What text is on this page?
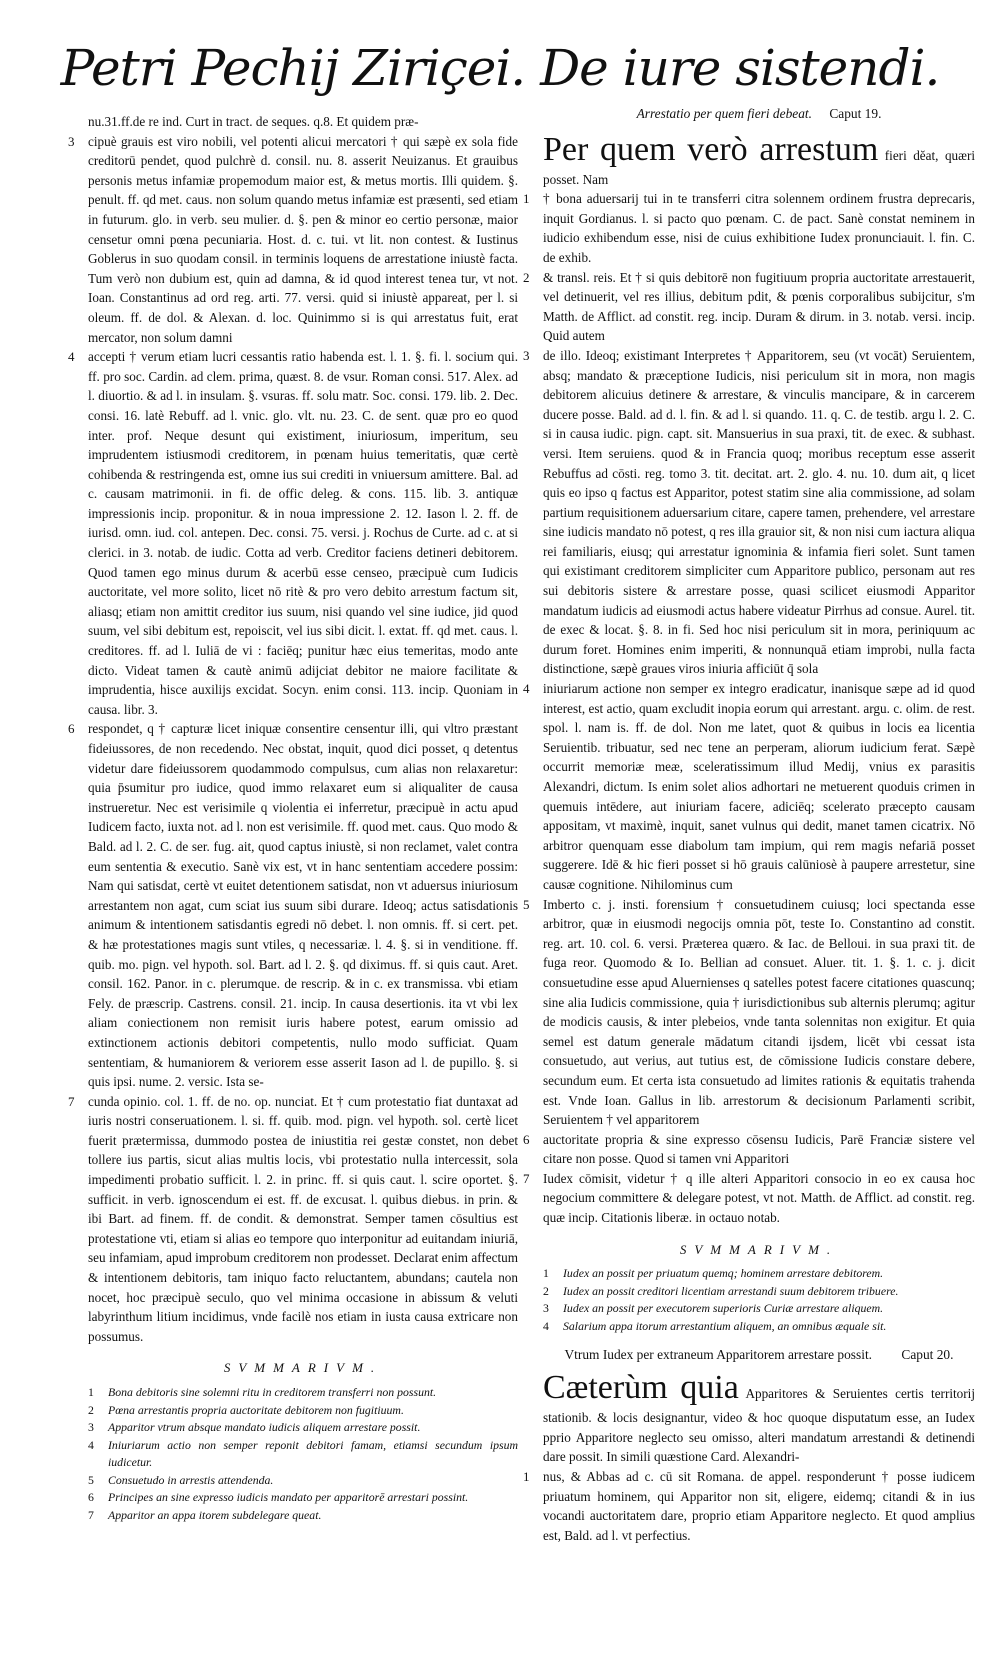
Petri Pechij Ziriçei. De iure sistendi.

nu.31.ff.de re ind. Curt in tract. de seques. q.8. Et quidem præ-

3 cipuè grauis est viro nobili, vel potenti alicui mercatori † qui sæpè ex sola fide creditorū pendet, quod pulchrè d. consil. nu. 8. asserit Neuizanus. Et grauibus personis metus infamiæ propemodum maior est, & metus mortis. Illi quidem. §. penult. ff. qd met. caus. non solum quando metus infamiæ est præsenti, sed etiam in futurum. glo. in verb. seu mulier. d. §. pen & minor eo certio personæ, maior censetur omni pœna pecuniaria. Host. d. c. tui. vt lit. non contest. & Iustinus Goblerus in suo quodam consil. in terminis loquens de arrestatione iniustè facta. Tum verò non dubium est, quin ad damna, & id quod interest tenea tur, vt not. Ioan. Constantinus ad ord reg. arti. 77. versi. quid si iniustè appareat, per l. si oleum. ff. de dol. & Alexan. d. loc. Quinimmo si is qui arrestatus fuit, erat mercator, non solum damni

4 accepti † verum etiam lucri cessantis ratio habenda est. l. 1. §. fi. l. socium qui. ff. pro soc. Cardin. ad clem. prima, quæst. 8. de vsur. Roman consi. 517. Alex. ad l. diuortio. & ad l. in insulam. §. vsuras. ff. solu matr. Soc. consi. 179. lib. 2. Dec. consi. 16. latè Rebuff. ad l. vnic. glo. vlt. nu. 23. C. de sent. quæ pro eo quod inter. prof. Neque desunt qui existiment, iniuriosum, imperitum, seu imprudentem istiusmodi creditorem, in pœnam huius temeritatis, quæ certè cohibenda & restringenda est, omne ius sui crediti in vniuersum amittere. Bal. ad c. causam matrimonii. in fi. de offic deleg. & cons. 115. lib. 3. antiquæ impressionis incip. proponitur. & in noua impressione 2. 12. Iason l. 2. ff. de iurisd. omn. iud. col. antepen. Dec. consi. 75. versi. j. Rochus de Curte. ad c. at si clerici. in 3. notab. de iudic. Cotta ad verb. Creditor faciens detineri debitorem. Quod tamen ego minus durum & acerbū esse censeo, præcipuè cum Iudicis auctoritate, vel more solito, licet nō ritè & pro vero debito arrestum factum sit, aliasq; etiam non amittit creditor ius suum, nisi quando vel sine iudice, jid quod suum, vel sibi debitum est, repoiscit, vel ius sibi dicit. l. extat. ff. qd met. caus. l. creditores. ff. ad l. Iuliā de vi : faciēq; punitur hæc eius temeritas, modo ante dicto. Videat tamen & cautè animū adijciat debitor ne maiore facilitate & imprudentia, hisce auxilijs excidat. Socyn. enim consi. 113. incip. Quoniam in causa. libr. 3.

6 respondet, q † capturæ licet iniquæ consentire censentur illi, qui vltro præstant fideiussores, de non recedendo. Nec obstat, inquit, quod dici posset, q detentus videtur dare fideiussorem quodammodo compulsus, cum alias non relaxaretur: quia p̄sumitur pro iudice, quod immo relaxaret eum si aliqualiter de causa instrueretur. Nec est verisimile q violentia ei inferretur, præcipuè in actu apud Iudicem facto, iuxta not. ad l. non est verisimile. ff. quod met. caus. Quo modo & Bald. ad l. 2. C. de ser. fug. ait, quod captus iniustè, si non reclamet, valet contra eum sententia & executio. Sanè vix est, vt in hanc sententiam accedere possim: Nam qui satisdat, certè vt euitet detentionem satisdat, non vt aduersus iniuriosum arrestantem non agat, cum sciat ius suum sibi durare. Ideoq; actus satisdationis animum & intentionem satisdantis egredi nō debet. l. non omnis. ff. si cert. pet. & hæ protestationes magis sunt vtiles, q necessariæ. l. 4. §. si in venditione. ff. quib. mo. pign. vel hypoth. sol. Bart. ad l. 2. §. qd diximus. ff. si quis caut. Aret. consil. 162. Panor. in c. plerumque. de rescrip. & in c. ex transmissa. vbi etiam Fely. de præscrip. Castrens. consil. 21. incip. In causa desertionis. ita vt vbi lex aliam coniectionem non remisit iuris habere potest, earum omissio ad extinctionem actionis debitori competentis, nullo modo sufficiat. Quam sententiam, & humaniorem & veriorem esse asserit Iason ad l. de pupillo. §. si quis ipsi. nume. 2. versic. Ista se-

7 cunda opinio. col. 1. ff. de no. op. nunciat. Et † cum protestatio fiat duntaxat ad iuris nostri conseruationem. l. si. ff. quib. mod. pign. vel hypoth. sol. certè licet fuerit prætermissa, dummodo postea de iniustitia rei gestæ constet, non debet tollere ius partis, sicut alias multis locis, vbi protestatio nulla intercessit, sola impedimenti probatio sufficit. l. 2. in princ. ff. si quis caut. l. scire oportet. §. sufficit. in verb. ignoscendum ei est. ff. de excusat. l. quibus diebus. in prin. & ibi Bart. ad finem. ff. de condit. & demonstrat. Semper tamen cōsultius est protestatione vti, etiam si alias eo tempore quo interponitur ad euitandam iniuriā, seu infamiam, apud improbum creditorem non prodesset. Declarat enim affectum & intentionem debitoris, tam iniquo facto reluctantem, abundans; cautela non nocet, hoc præcipuè seculo, quo vel minima occasione in abissum & veluti labyrinthum litium incidimus, vnde facilè nos etiam in iusta causa extricare non possumus.

SVMMARIVM.
1	Bona debitoris sine solemni ritu in creditorem transferri non possunt.
2	Pœna arrestantis propria auctoritate debitorem non fugitiuum.
3	Apparitor vtrum absque mandato iudicis aliquem arrestare possit.
4	Iniuriarum actio non semper reponit debitori famam, etiamsi secundum ipsum iudicetur.
5	Consuetudo in arrestis attendenda.
6	Principes an sine expresso iudicis mandato per apparitorē arrestari possint.
7	Apparitor an appa itorem subdelegare queat.
Arrestatio per quem fieri debeat. Caput 19.
Per quem verò arrestum fieri dĕat, quæri posset. Nam
1 † bona aduersarij tui in te transferri citra solennem ordinem frustra deprecaris, inquit Gordianus. l. si pacto quo pœnam. C. de pact. Sanè constat neminem in iudicio exhibendum esse, nisi de cuius exhibitione Iudex pronunciauit. l. fin. C. de exhib.

2 & transl. reis. Et † si quis debitorē non fugitiuum propria auctoritate arrestauerit, vel detinuerit, vel res illius, debitum pdit, & pœnis corporalibus subijcitur, s'm Matth. de Afflict. ad constit. reg. incip. Duram & dirum. in 3. notab. versi. incip. Quid autem

3 de illo. Ideoq; existimant Interpretes † Apparitorem, seu (vt vocāt) Seruientem, absq; mandato & præceptione Iudicis, nisi periculum sit in mora, non magis debitorem alicuius detinere & arrestare, & vinculis mancipare, & in carcerem ducere posse. Bald. ad d. l. fin. & ad l. si quando. 11. q. C. de testib. argu l. 2. C. si in causa iudic. pign. capt. sit. Mansuerius in sua praxi, tit. de exec. & subhast. versi. Item seruiens. quod & in Francia quoq; moribus receptum esse asserit Rebuffus ad cōsti. reg. tomo 3. tit. decitat. art. 2. glo. 4. nu. 10. dum ait, q licet quis eo ipso q factus est Apparitor, potest statim sine alia commissione, ad solam partium requisitionem aduersarium citare, capere tamen, prehendere, vel arrestare sine iudicis mandato nō potest, q res illa grauior sit, & non nisi cum iactura aliqua rei familiaris, eiusq; qui arrestatur ignominia & infamia fieri solet. Sunt tamen qui existimant creditorem simpliciter cum Apparitore publico, personam aut res sui debitoris sistere & arrestare posse, quasi scilicet eiusmodi Apparitor mandatum iudicis ad eiusmodi actus habere videatur Pirrhus ad consue. Aurel. tit. de exec & locat. §. 8. in fi. Sed hoc nisi periculum sit in mora, periniquum ac durum foret. Homines enim imperiti, & nonnunquā etiam improbi, nulla facta distinctione, sæpè graues viros iniuria afficiūt q̄ sola

4 iniuriarum actione non semper ex integro eradicatur, inanisque sæpe ad id quod interest, est actio, quam excludit inopia eorum qui arrestant. argu. c. olim. de rest. spol. l. nam is. ff. de dol. Non me latet, quot & quibus in locis ea licentia Seruientib. tribuatur, sed nec tene an perperam, aliorum iudicium ferat. Sæpè occurrit memoriæ meæ, sceleratissimum illud Medij, vnius ex parasitis Alexandri, dictum. Is enim solet alios adhortari ne metuerent quoduis crimen in quemuis intēdere, aut iniuriam facere, adiciēq; scelerato præcepto causam appositam, vt maximè, inquit, sanet vulnus qui dedit, manet tamen cicatrix. Nō arbitror quenquam esse diabolum tam impium, qui rem magis nefariā posset suggerere. Idē & hic fieri posset si hō grauis calūniosè à paupere arrestetur, sine causæ cognitione. Nihilominus cum

5 Imberto c. j. insti. forensium † consuetudinem cuiusq; loci spectanda esse arbitror, quæ in eiusmodi negocijs omnia pōt, teste Io. Constantino ad constit. reg. art. 10. col. 6. versi. Præterea quæro. & Iac. de Belloui. in sua praxi tit. de fuga reor. Quomodo & Io. Bellian ad consuet. Aluer. tit. 1. §. 1. c. j. dicit consuetudine esse apud Aluernienses q satelles potest facere citationes quascunq; sine alia Iudicis commissione, quia † iurisdictionibus sub alternis plerumq; agitur de modicis causis, & inter plebeios, vnde tanta solennitas non exigitur. Et quia semel est datum generale mādatum citandi ijsdem, licēt vbi cessat ista consuetudo, aut verius, aut tutius est, de cōmissione Iudicis constare debere, secundum eum. Et certa ista consuetudo ad limites rationis & equitatis trahenda est. Vnde Ioan. Gallus in lib. arrestorum & decisionum Parlamenti scribit, Seruientem † vel apparitorem

6 auctoritate propria & sine expresso cōsensu Iudicis, Parē Franciæ sistere vel citare non posse. Quod si tamen vni Apparitori

7 Iudex cōmisit, videtur † q ille alteri Apparitori consocio in eo ex causa hoc negocium committere & delegare potest, vt not. Matth. de Afflict. ad constit. reg. quæ incip. Citationis liberæ. in octauo notab.

SVMMARIVM.
1	Iudex an possit per priuatum quemq; hominem arrestare debitorem.
2	Iudex an possit creditori licentiam arrestandi suum debitorem tribuere.
3	Iudex an possit per executorem superioris Curiæ arrestare aliquem.
4	Salarium appa itorum arrestantium aliquem, an omnibus æquale sit.
Vtrum Iudex per extraneum Apparitorem arrestare possit. Caput 20.
Cæterùm quia Apparitores & Seruientes certis territorij stationib. & locis designantur, video & hoc quoque disputatum esse, an Iudex pprio Apparitore neglecto seu omisso, alteri mandatum arrestandi & detinendi dare possit. In simili quæstione Card. Alexandri-
1 nus, & Abbas ad c. cū sit Romana. de appel. responderunt † posse iudicem priuatum hominem, qui Apparitor non sit, eligere, eidemq; citandi & in ius vocandi auctoritatem dare, proprio etiam Apparitore neglecto. Et quod amplius est, Bald. ad l. vt perfectius.
